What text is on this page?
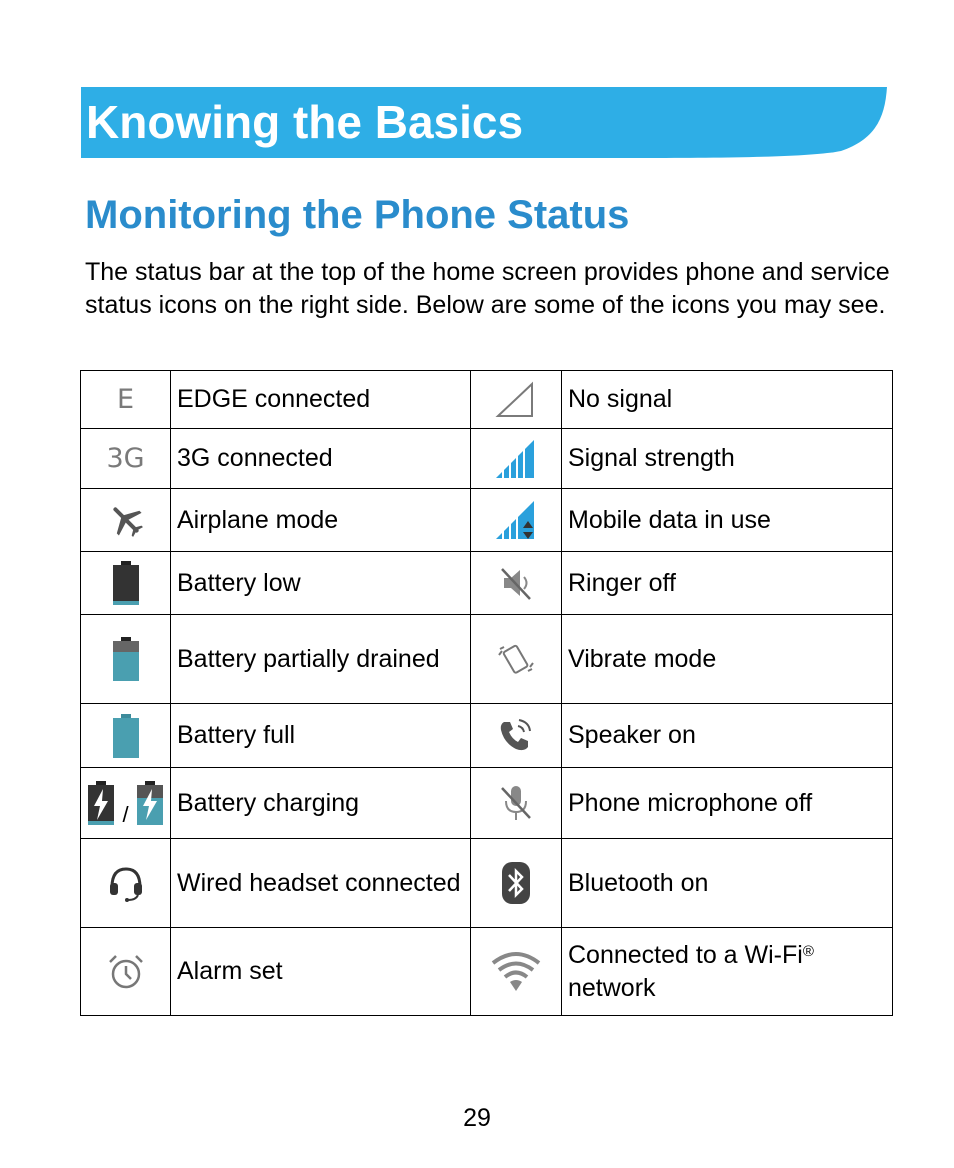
Knowing the Basics
Monitoring the Phone Status

The status bar at the top of the home screen provides phone and service status icons on the right side. Below are some of the icons you may see.

E	EDGE connected		No signal
3G	3G connected		Signal strength

	Airplane mode		Mobile data in use

	Battery low		Ringer off

	Battery partially drained		Vibrate mode

	Battery full		Speaker on

/	Battery charging		Phone microphone off

	Wired headset connected		Bluetooth on

	Alarm set		Connected to a Wi-Fi®
network
29
